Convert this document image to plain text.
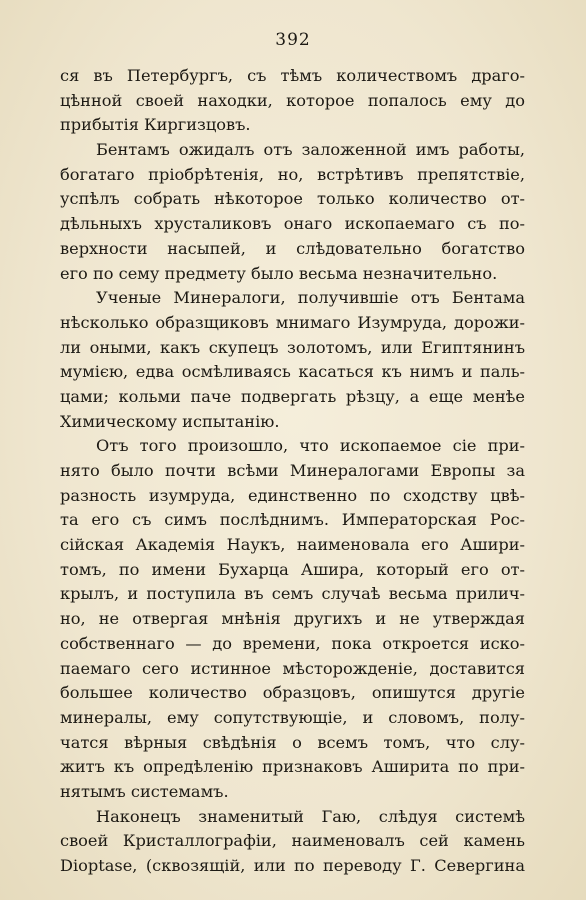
392
ся въ Петербургъ, съ тѣмъ количествомъ драго-
цѣнной своей находки, которое попалось ему до
прибытія Киргизцовъ.
Бентамъ ожидалъ отъ заложенной имъ работы,
богатаго пріобрѣтенія, но, встрѣтивъ препятствіе,
успѣлъ собрать нѣкоторое только количество от-
дѣльныхъ хрусталиковъ онаго ископаемаго съ по-
верхности насыпей, и слѣдовательно богатство
его по сему предмету было весьма незначительно.
Ученые Минералоги, получившіе отъ Бентама
нѣсколько образщиковъ мнимаго Изумруда, дорожи-
ли оными, какъ скупецъ золотомъ, или Египтянинъ
мумією, едва осмѣливаясь касаться къ нимъ и паль-
цами; кольми паче подвергать рѣзцу, а еще менѣе
Химическому испытанію.
Отъ того произошло, что ископаемое сіе при-
нято было почти всѣми Минералогами Европы за
разность изумруда, единственно по сходству цвѣ-
та его съ симъ послѣднимъ. Императорская Рос-
сійская Академія Наукъ, наименовала его Ашири-
томъ, по имени Бухарца Ашира, который его от-
крылъ, и поступила въ семъ случаѣ весьма прилич-
но, не отвергая мнѣнія другихъ и не утверждая
собственнаго — до времени, пока откроется иско-
паемаго сего истинное мѣсторожденіе, доставится
большее количество образцовъ, опишутся другіе
минералы, ему сопутствующіе, и словомъ, полу-
чатся вѣрныя свѣдѣнія о всемъ томъ, что слу-
житъ къ опредѣленію признаковъ Аширита по при-
нятымъ системамъ.
Наконецъ знаменитый Гаю, слѣдуя системѣ
своей Кристаллографіи, наименовалъ сей камень
Dioptase, (сквозящій, или по переводу Г. Севергина
